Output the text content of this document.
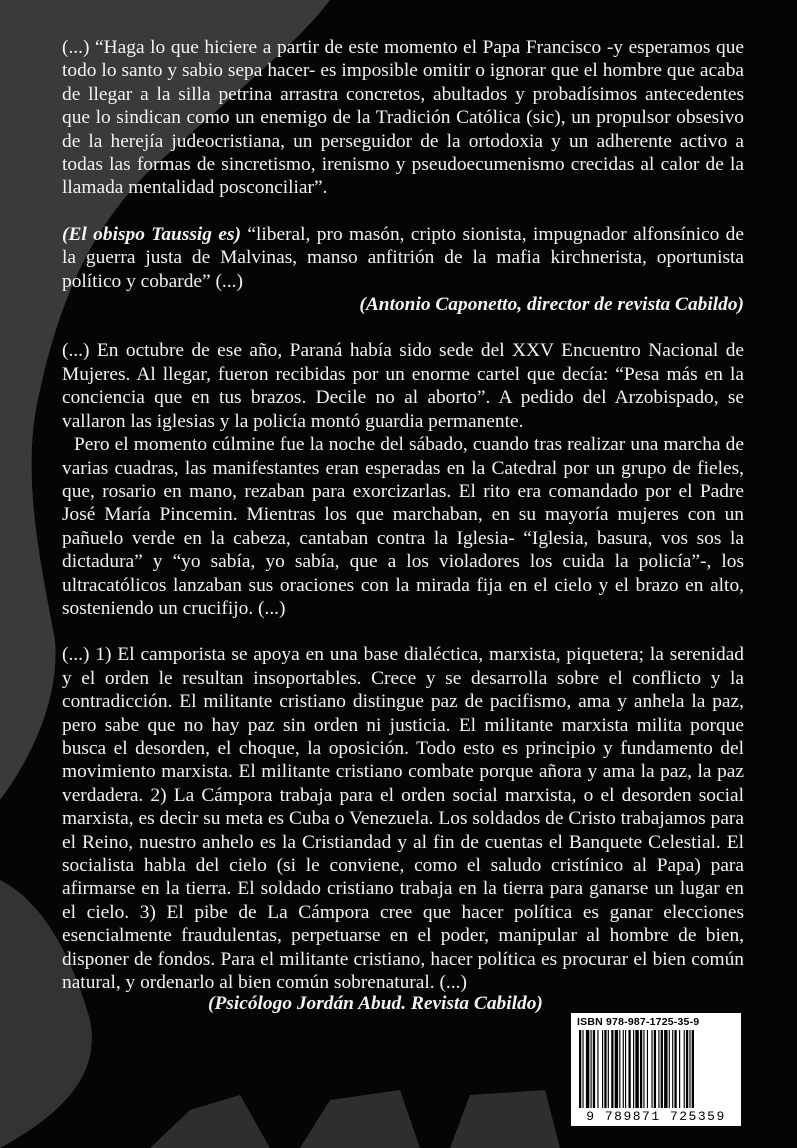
(...) “Haga lo que hiciere a partir de este momento el Papa Francisco -y esperamos que todo lo santo y sabio sepa hacer- es imposible omitir o ignorar que el hombre que acaba de llegar a la silla petrina arrastra concretos, abultados y probadísimos antecedentes que lo sindican como un enemigo de la Tradición Católica (sic), un propulsor obsesivo de la herejía judeocristiana, un perseguidor de la ortodoxia y un adherente activo a todas las formas de sincretismo, irenismo y pseudoecumenismo crecidas al calor de la llamada mentalidad posconciliar”.

(El obispo Taussig es) “liberal, pro masón, cripto sionista, impugnador alfonsínico de la guerra justa de Malvinas, manso anfitrión de la mafia kirchnerista, oportunista político y cobarde” (...)

(Antonio Caponetto, director de revista Cabildo)

(...) En octubre de ese año, Paraná había sido sede del XXV Encuentro Nacional de Mujeres. Al llegar, fueron recibidas por un enorme cartel que decía: “Pesa más en la conciencia que en tus brazos. Decile no al aborto”. A pedido del Arzobispado, se vallaron las iglesias y la policía montó guardia permanente.

Pero el momento cúlmine fue la noche del sábado, cuando tras realizar una marcha de varias cuadras, las manifestantes eran esperadas en la Catedral por un grupo de fieles, que, rosario en mano, rezaban para exorcizarlas. El rito era comandado por el Padre José María Pincemin. Mientras los que marchaban, en su mayoría mujeres con un pañuelo verde en la cabeza, cantaban contra la Iglesia- “Iglesia, basura, vos sos la dictadura” y “yo sabía, yo sabía, que a los violadores los cuida la policía”-, los ultracatólicos lanzaban sus oraciones con la mirada fija en el cielo y el brazo en alto, sosteniendo un crucifijo. (...)

(...) 1) El camporista se apoya en una base dialéctica, marxista, piquetera; la serenidad y el orden le resultan insoportables. Crece y se desarrolla sobre el conflicto y la contradicción. El militante cristiano distingue paz de pacifismo, ama y anhela la paz, pero sabe que no hay paz sin orden ni justicia. El militante marxista milita porque busca el desorden, el choque, la oposición. Todo esto es principio y fundamento del movimiento marxista. El militante cristiano combate porque añora y ama la paz, la paz verdadera. 2) La Cámpora trabaja para el orden social marxista, o el desorden social marxista, es decir su meta es Cuba o Venezuela. Los soldados de Cristo trabajamos para el Reino, nuestro anhelo es la Cristiandad y al fin de cuentas el Banquete Celestial. El socialista habla del cielo (si le conviene, como el saludo cristínico al Papa) para afirmarse en la tierra. El soldado cristiano trabaja en la tierra para ganarse un lugar en el cielo. 3) El pibe de La Cámpora cree que hacer política es ganar elecciones esencialmente fraudulentas, perpetuarse en el poder, manipular al hombre de bien, disponer de fondos. Para el militante cristiano, hacer política es procurar el bien común natural, y ordenarlo al bien común sobrenatural. (...)

(Psicólogo Jordán Abud. Revista Cabildo)
ISBN 978-987-1725-35-9
9 789871 725359
